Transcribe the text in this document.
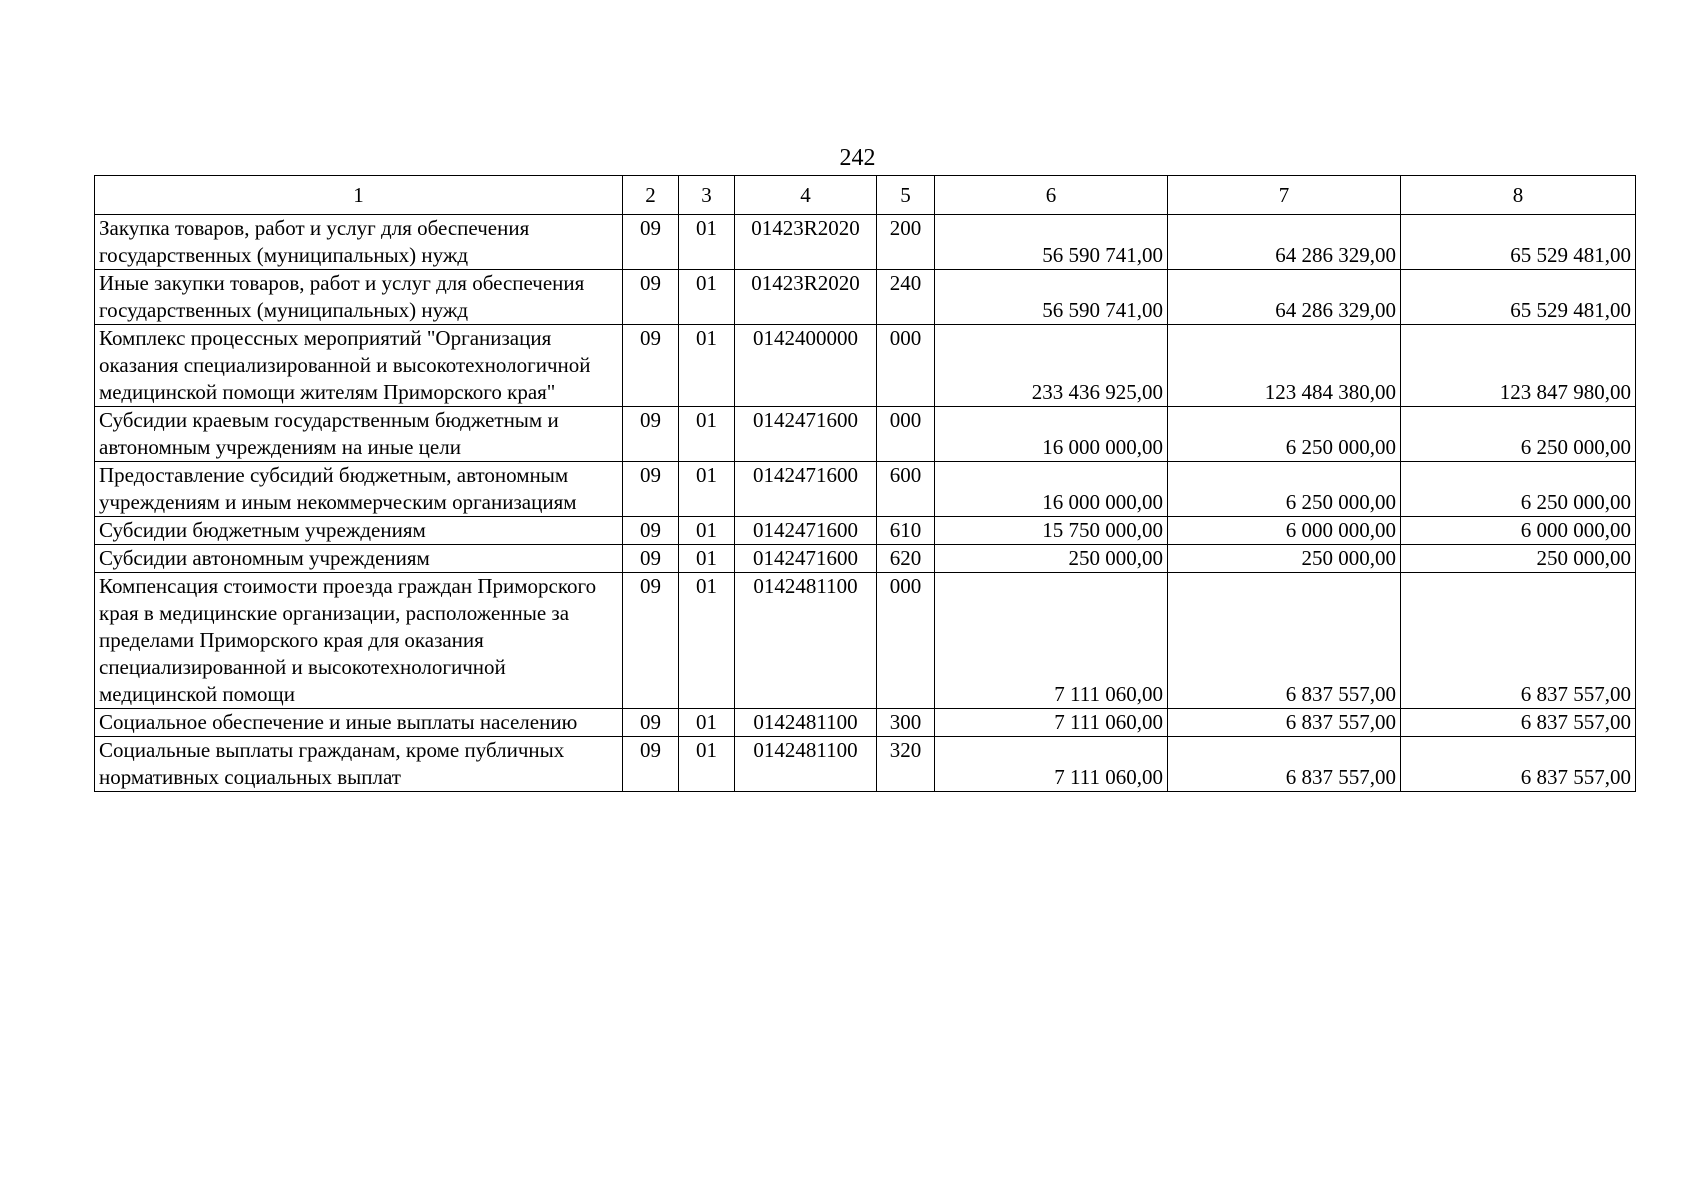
242
1	2	3	4	5	6	7	8
Закупка товаров, работ и услуг для обеспечения государственных (муниципальных) нужд	09	01	01423R2020	200	56 590 741,00	64 286 329,00	65 529 481,00
Иные закупки товаров, работ и услуг для обеспечения государственных (муниципальных) нужд	09	01	01423R2020	240	56 590 741,00	64 286 329,00	65 529 481,00
Комплекс процессных мероприятий "Организация оказания специализированной и высокотехнологичной медицинской помощи жителям Приморского края"	09	01	0142400000	000	233 436 925,00	123 484 380,00	123 847 980,00
Субсидии краевым государственным бюджетным и автономным учреждениям на иные цели	09	01	0142471600	000	16 000 000,00	6 250 000,00	6 250 000,00
Предоставление субсидий бюджетным, автономным учреждениям и иным некоммерческим организациям	09	01	0142471600	600	16 000 000,00	6 250 000,00	6 250 000,00
Субсидии бюджетным учреждениям	09	01	0142471600	610	15 750 000,00	6 000 000,00	6 000 000,00
Субсидии автономным учреждениям	09	01	0142471600	620	250 000,00	250 000,00	250 000,00
Компенсация стоимости проезда граждан Приморского края в медицинские организации, расположенные за пределами Приморского края для оказания специализированной и высокотехнологичной медицинской помощи	09	01	0142481100	000	7 111 060,00	6 837 557,00	6 837 557,00
Социальное обеспечение и иные выплаты населению	09	01	0142481100	300	7 111 060,00	6 837 557,00	6 837 557,00
Социальные выплаты гражданам, кроме публичных нормативных социальных выплат	09	01	0142481100	320	7 111 060,00	6 837 557,00	6 837 557,00
